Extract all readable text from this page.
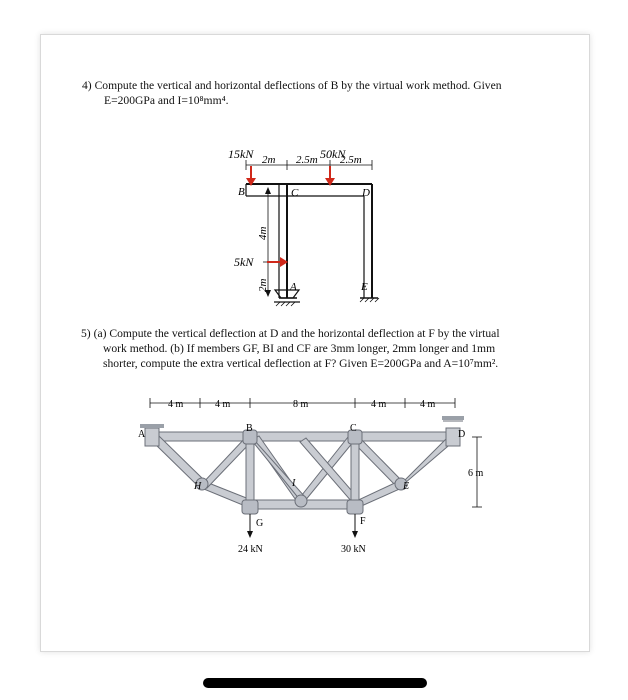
4) Compute the vertical and horizontal deflections of B by the virtual work method. Given
E=200GPa and I=10⁸mm⁴.
15kN	50kN
2m 2.5m 2.5m
B	C	D
A	E
5kN
4m
2m
5) (a) Compute the vertical deflection at D and the horizontal deflection at F by the virtual
work method. (b) If members GF, BI and CF are 3mm longer, 2mm longer and 1mm
shorter, compute the extra vertical deflection at F? Given E=200GPa and A=10⁷mm².
4 m	4 m	8 m	4 m	4 m
24 kN	30 kN
6 m
A
B	C
D
H	I	E
G	F
